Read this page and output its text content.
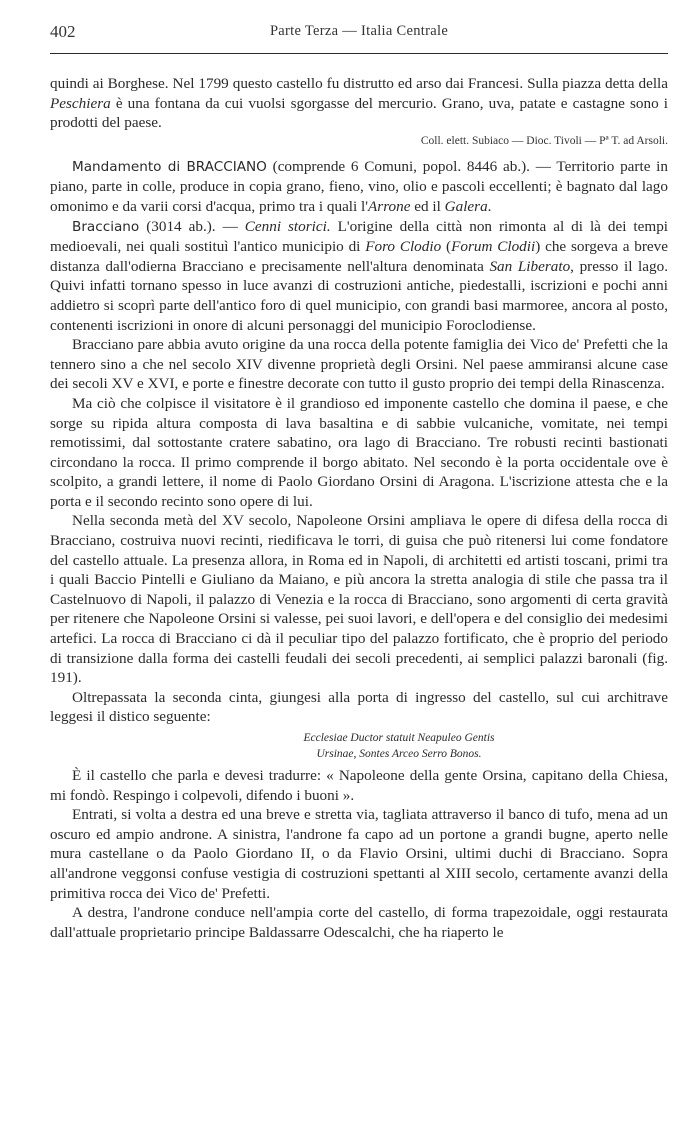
402	Parte Terza — Italia Centrale

quindi ai Borghese. Nel 1799 questo castello fu distrutto ed arso dai Francesi. Sulla piazza detta della Peschiera è una fontana da cui vuolsi sgorgasse del mercurio. Grano, uva, patate e castagne sono i prodotti del paese.

Coll. elett. Subiaco — Dioc. Tivoli — Pª T. ad Arsoli.

Mandamento di BRACCIANO (comprende 6 Comuni, popol. 8446 ab.). — Territorio parte in piano, parte in colle, produce in copia grano, fieno, vino, olio e pascoli eccellenti; è bagnato dal lago omonimo e da varii corsi d'acqua, primo tra i quali l'Arrone ed il Galera.

Bracciano (3014 ab.). — Cenni storici. L'origine della città non rimonta al di là dei tempi medioevali, nei quali sostituì l'antico municipio di Foro Clodio (Forum Clodii) che sorgeva a breve distanza dall'odierna Bracciano e precisamente nell'altura denominata San Liberato, presso il lago. Quivi infatti tornano spesso in luce avanzi di costruzioni antiche, piedestalli, iscrizioni e pochi anni addietro si scoprì parte dell'antico foro di quel municipio, con grandi basi marmoree, ancora al posto, contenenti iscrizioni in onore di alcuni personaggi del municipio Foroclodiense.

Bracciano pare abbia avuto origine da una rocca della potente famiglia dei Vico de' Prefetti che la tennero sino a che nel secolo XIV divenne proprietà degli Orsini. Nel paese ammiransi alcune case dei secoli XV e XVI, e porte e finestre decorate con tutto il gusto proprio dei tempi della Rinascenza.

Ma ciò che colpisce il visitatore è il grandioso ed imponente castello che domina il paese, e che sorge su ripida altura composta di lava basaltina e di sabbie vulcaniche, vomitate, nei tempi remotissimi, dal sottostante cratere sabatino, ora lago di Bracciano. Tre robusti recinti bastionati circondano la rocca. Il primo comprende il borgo abitato. Nel secondo è la porta occidentale ove è scolpito, a grandi lettere, il nome di Paolo Giordano Orsini di Aragona. L'iscrizione attesta che e la porta e il secondo recinto sono opere di lui.

Nella seconda metà del XV secolo, Napoleone Orsini ampliava le opere di difesa della rocca di Bracciano, costruiva nuovi recinti, riedificava le torri, di guisa che può ritenersi lui come fondatore del castello attuale. La presenza allora, in Roma ed in Napoli, di architetti ed artisti toscani, primi tra i quali Baccio Pintelli e Giuliano da Maiano, e più ancora la stretta analogia di stile che passa tra il Castelnuovo di Napoli, il palazzo di Venezia e la rocca di Bracciano, sono argomenti di certa gravità per ritenere che Napoleone Orsini si valesse, pei suoi lavori, e dell'opera e del consiglio dei medesimi artefici. La rocca di Bracciano ci dà il peculiar tipo del palazzo fortificato, che è proprio del periodo di transizione dalla forma dei castelli feudali dei secoli precedenti, ai semplici palazzi baronali (fig. 191).

Oltrepassata la seconda cinta, giungesi alla porta di ingresso del castello, sul cui architrave leggesi il distico seguente:

Ecclesiae Ductor statuit Neapuleo Gentis
Ursinae, Sontes Arceo Serro Bonos.

È il castello che parla e devesi tradurre: « Napoleone della gente Orsina, capitano della Chiesa, mi fondò. Respingo i colpevoli, difendo i buoni ».

Entrati, si volta a destra ed una breve e stretta via, tagliata attraverso il banco di tufo, mena ad un oscuro ed ampio androne. A sinistra, l'androne fa capo ad un portone a grandi bugne, aperto nelle mura castellane o da Paolo Giordano II, o da Flavio Orsini, ultimi duchi di Bracciano. Sopra all'androne veggonsi confuse vestigia di costruzioni spettanti al XIII secolo, certamente avanzi della primitiva rocca dei Vico de' Prefetti.

A destra, l'androne conduce nell'ampia corte del castello, di forma trapezoidale, oggi restaurata dall'attuale proprietario principe Baldassarre Odescalchi, che ha riaperto le
